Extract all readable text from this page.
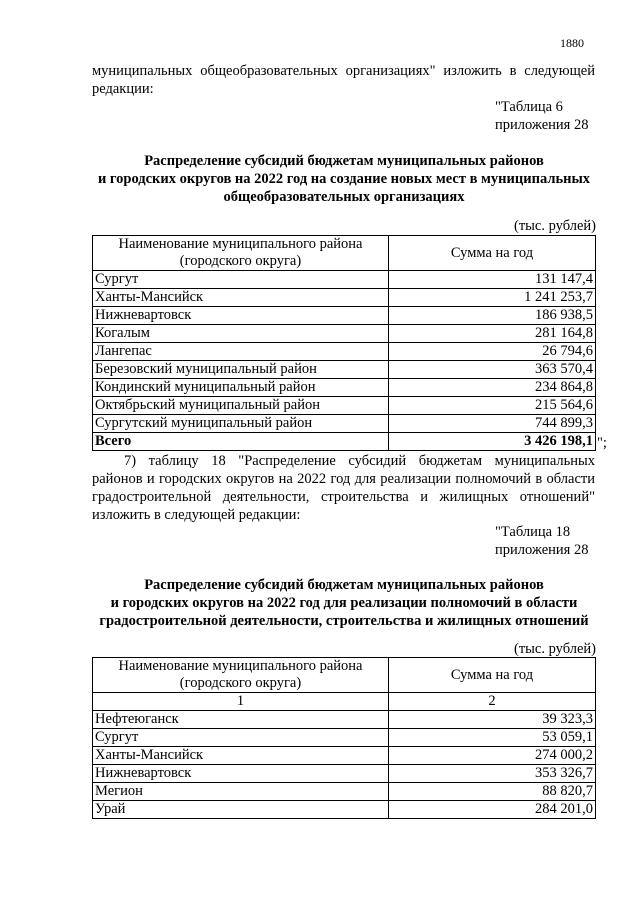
1880
муниципальных общеобразовательных организациях" изложить в следующей
редакции:
"Таблица 6
приложения 28
Распределение субсидий бюджетам муниципальных районов
и городских округов на 2022 год на создание новых мест в муниципальных
общеобразовательных организациях
(тыс. рублей)
Наименование муниципального района (городского округа)	Сумма на год
Сургут	131 147,4
Ханты-Мансийск	1 241 253,7
Нижневартовск	186 938,5
Когалым	281 164,8
Лангепас	26 794,6
Березовский муниципальный район	363 570,4
Кондинский муниципальный район	234 864,8
Октябрьский муниципальный район	215 564,6
Сургутский муниципальный район	744 899,3
Всего	3 426 198,1 ";
7) таблицу 18 "Распределение субсидий бюджетам муниципальных
районов и городских округов на 2022 год для реализации полномочий в области
градостроительной деятельности, строительства и жилищных отношений"
изложить в следующей редакции:
"Таблица 18
приложения 28
Распределение субсидий бюджетам муниципальных районов
и городских округов на 2022 год для реализации полномочий в области
градостроительной деятельности, строительства и жилищных отношений
(тыс. рублей)
Наименование муниципального района (городского округа)	Сумма на год
1	2
Нефтеюганск	39 323,3
Сургут	53 059,1
Ханты-Мансийск	274 000,2
Нижневартовск	353 326,7
Мегион	88 820,7
Урай	284 201,0
